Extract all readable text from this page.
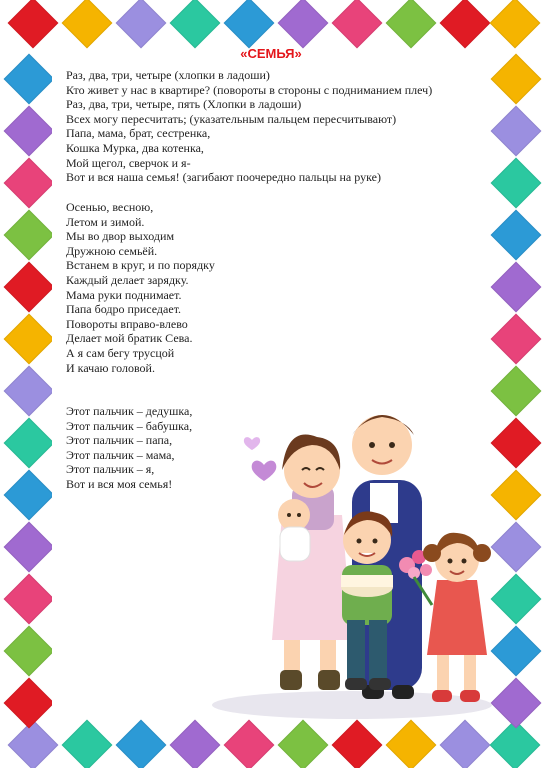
«СЕМЬЯ»
Раз, два, три, четыре (хлопки в ладоши)
Кто живет у нас в квартире? (повороты в стороны с подниманием плеч)
Раз, два, три, четыре, пять (Хлопки в ладоши)
Всех могу пересчитать; (указательным пальцем пересчитывают)
Папа, мама, брат, сестренка,
Кошка Мурка, два котенка,
Мой щегол, сверчок и я-
Вот и вся наша семья! (загибают поочередно пальцы на руке)
Осенью, весною,
Летом и зимой.
Мы во двор выходим
Дружною семьёй.
Встанем в круг, и по порядку
Каждый делает зарядку.
Мама руки поднимает.
Папа бодро приседает.
Повороты вправо-влево
Делает мой братик Сева.
А я сам бегу трусцой
И качаю головой.
Этот пальчик – дедушка,
Этот пальчик – бабушка,
Этот пальчик – папа,
Этот пальчик – мама,
Этот пальчик – я,
Вот и вся моя семья!
